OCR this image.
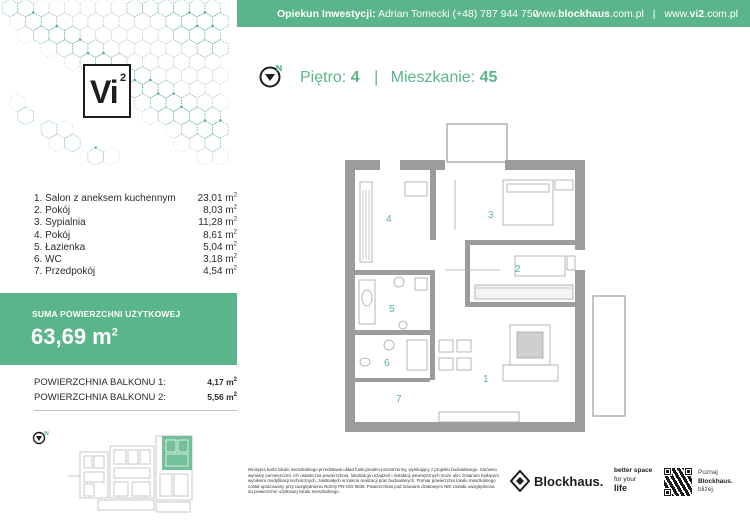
Opiekun Inwestycji: Adrian Tomecki (+48) 787 944 750
www.blockhaus.com.pl | www.vi2.com.pl
Vi 2	Piętro: 4 | Mieszkanie: 45
1. Salon z aneksem kuchennym 23,01 $m^2$
2. Pokój	8,03 $m^2$
3. Sypialnia	11,28 $m^2$
4. Pokój	8,61 $m^2$
5. Łazienka	5,04 $m^2$
6. WC	3,18 $m^2$
7. Przedpokój	4,54 $m^2$
SUMA POWIERZCHNI UŻYTKOWEJ
63,69 $m^2$
POWIERZCHNIA BALKONU 1:	4,17 $m^2$
POWIERZCHNIA BALKONU 2:	5,56 $m^2$
1
2
3
4
5
6
7
Niniejsza karta lokalu mieszkalnego przedstawia układ funkcjonalno-przestrzenny, wynikający z projektu budowlanego. Zarówno wymiary pomieszczeń, ich ostateczna powierzchnia, lokalizacja urządzeń i instalacji wewnętrznych może ulec zmianom będącym wynikiem modyfikacji technicznych, zaistniałych w trakcie realizacji prac budowlanych. Pomiar powierzchni lokalu mieszkalnego został opracowany przy uwzględnieniu Normy PN-ISO 9836. Powierzchnia pod ścianami działowymi NIE została uwzględniona do powierzchni użytkowej lokalu mieszkalnego.
Blockhaus.
better space
for your
life
Poznaj
Blockhaus.
bliżej.
